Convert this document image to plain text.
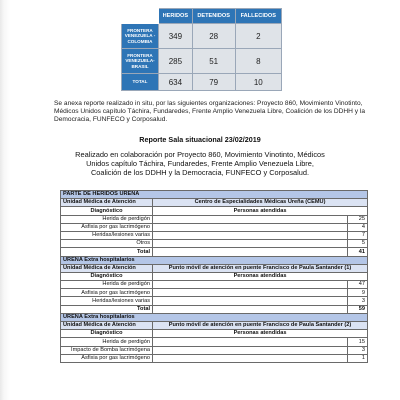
	HERIDOS	DETENIDOS	FALLECIDOS
FRONTERA VENEZUELA - COLOMBIA	349	28	2
FRONTERA VENEZUELA-BRASIL	285	51	8
TOTAL	634	79	10
Se anexa reporte realizado in situ, por las siguientes organizaciones: Proyecto 860, Movimiento Vinotinto, Médicos Unidos capítulo Táchira, Fundaredes, Frente Amplio Venezuela Libre, Coalición de los DDHH y la Democracia, FUNFECO y Corposalud.
Reporte Sala situacional 23/02/2019
Realizado en colaboración por Proyecto 860, Movimiento Vinotinto, Médicos Unidos capítulo Táchira, Fundaredes, Frente Amplio Venezuela Libre, Coalición de los DDHH y la Democracia, FUNFECO y Corposalud.
PARTE DE HERIDOS UREÑA		
Unidad Médica de Atención	Centro de Especialidades Médicas Ureña (CEMU)	
Diagnóstico	Personas atendidas	
Herida de perdigón		25
Asfixia por gas lacrimógeno		4
Heridas/lesiones varias		7
Otros		5
Total		41
UREÑA Extra hospitalarios		
Unidad Médica de Atención	Punto móvil de atención en puente Francisco de Paula Santander (1)	
Diagnóstico	Personas atendidas	
Herida de perdigón		47
Asfixia por gas lacrimógeno		9
Heridas/lesiones varias		3
Total		59
UREÑA Extra hospitalarios		
Unidad Médica de Atención	Punto móvil de atención en puente Francisco de Paula Santander (2)	
Diagnóstico	Personas atendidas	
Herida de perdigón		15
Impacto de Bomba lacrimógena		3
Asfixia por gas lacrimógeno		1
